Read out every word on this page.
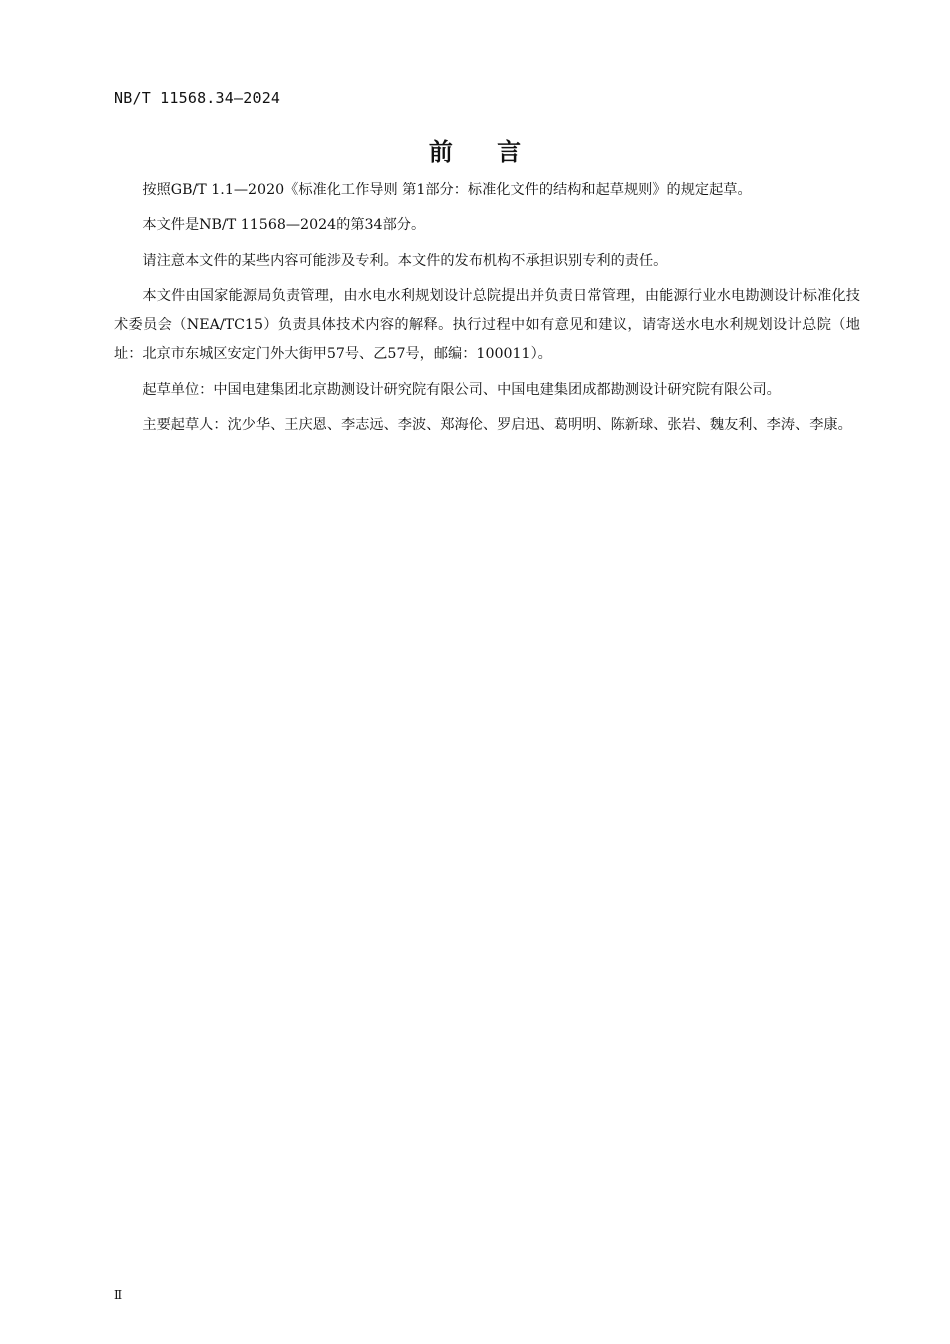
NB/T 11568.34—2024
前 言

按照GB/T 1.1—2020《标准化工作导则 第1部分：标准化文件的结构和起草规则》的规定起草。

本文件是NB/T 11568—2024的第34部分。

请注意本文件的某些内容可能涉及专利。本文件的发布机构不承担识别专利的责任。

本文件由国家能源局负责管理，由水电水利规划设计总院提出并负责日常管理，由能源行业水电勘测设计标准化技术委员会（NEA/TC15）负责具体技术内容的解释。执行过程中如有意见和建议，请寄送水电水利规划设计总院（地址：北京市东城区安定门外大街甲57号、乙57号，邮编：100011）。

起草单位：中国电建集团北京勘测设计研究院有限公司、中国电建集团成都勘测设计研究院有限公司。

主要起草人：沈少华、王庆恩、李志远、李波、郑海伦、罗启迅、葛明明、陈新球、张岩、魏友利、李涛、李康。

Ⅱ
